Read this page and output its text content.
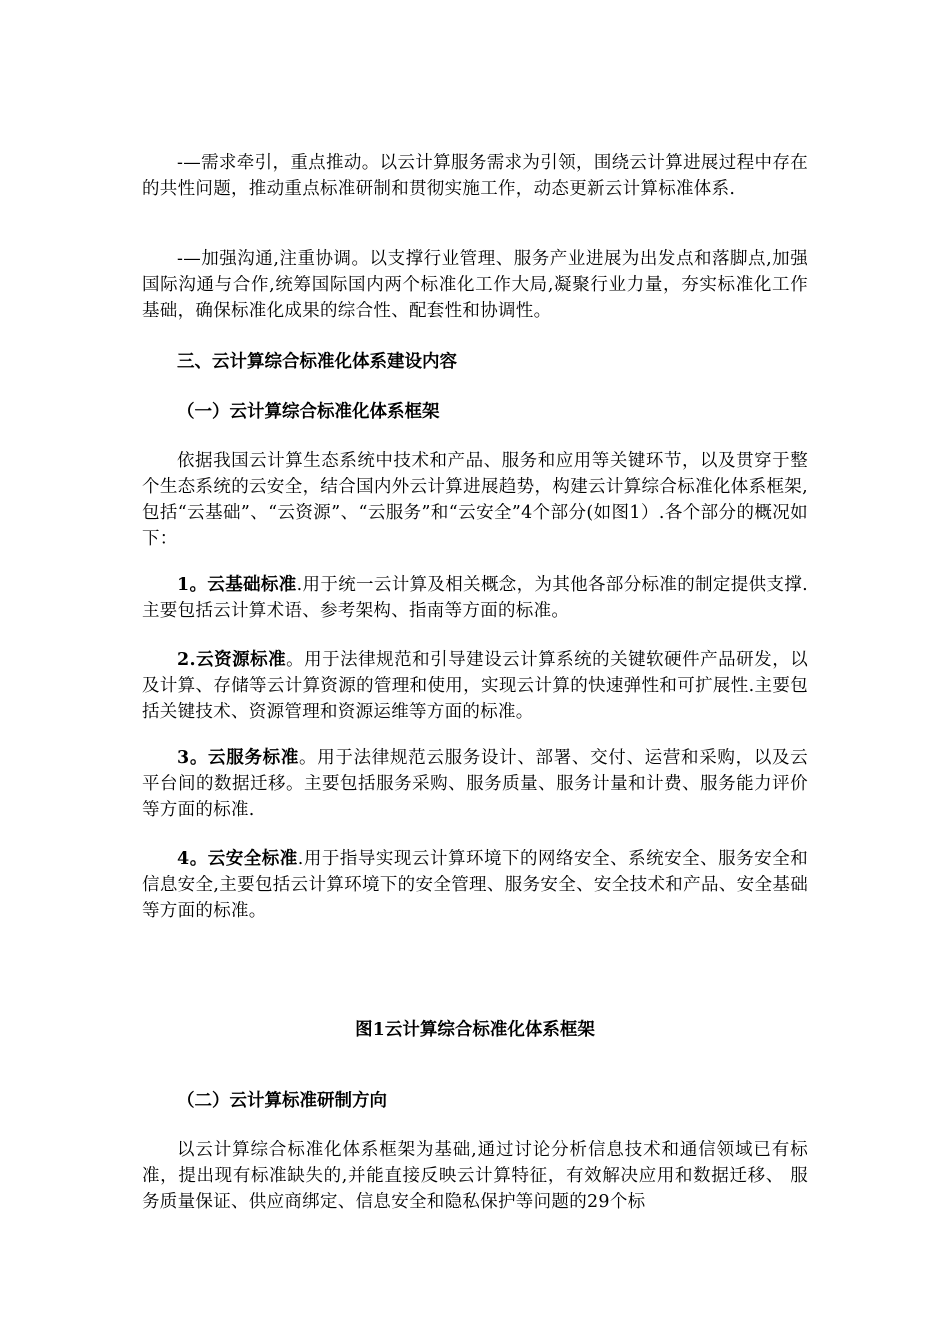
-—需求牵引，重点推动。以云计算服务需求为引领，围绕云计算进展过程中存在的共性问题，推动重点标准研制和贯彻实施工作，动态更新云计算标准体系.

-—加强沟通,注重协调。以支撑行业管理、服务产业进展为出发点和落脚点,加强国际沟通与合作,统筹国际国内两个标准化工作大局,凝聚行业力量，夯实标准化工作基础，确保标准化成果的综合性、配套性和协调性。

三、云计算综合标准化体系建设内容

（一）云计算综合标准化体系框架

依据我国云计算生态系统中技术和产品、服务和应用等关键环节，以及贯穿于整个生态系统的云安全，结合国内外云计算进展趋势，构建云计算综合标准化体系框架,包括“云基础”、“云资源”、“云服务”和“云安全”4个部分(如图1）.各个部分的概况如下：

1。云基础标准.用于统一云计算及相关概念，为其他各部分标准的制定提供支撑.主要包括云计算术语、参考架构、指南等方面的标准。

2.云资源标准。用于法律规范和引导建设云计算系统的关键软硬件产品研发，以及计算、存储等云计算资源的管理和使用，实现云计算的快速弹性和可扩展性.主要包括关键技术、资源管理和资源运维等方面的标准。

3。云服务标准。用于法律规范云服务设计、部署、交付、运营和采购，以及云平台间的数据迁移。主要包括服务采购、服务质量、服务计量和计费、服务能力评价等方面的标准.

4。云安全标准.用于指导实现云计算环境下的网络安全、系统安全、服务安全和信息安全,主要包括云计算环境下的安全管理、服务安全、安全技术和产品、安全基础等方面的标准。

图1云计算综合标准化体系框架

（二）云计算标准研制方向

以云计算综合标准化体系框架为基础,通过讨论分析信息技术和通信领域已有标准，提出现有标准缺失的,并能直接反映云计算特征，有效解决应用和数据迁移、 服务质量保证、供应商绑定、信息安全和隐私保护等问题的29个标
